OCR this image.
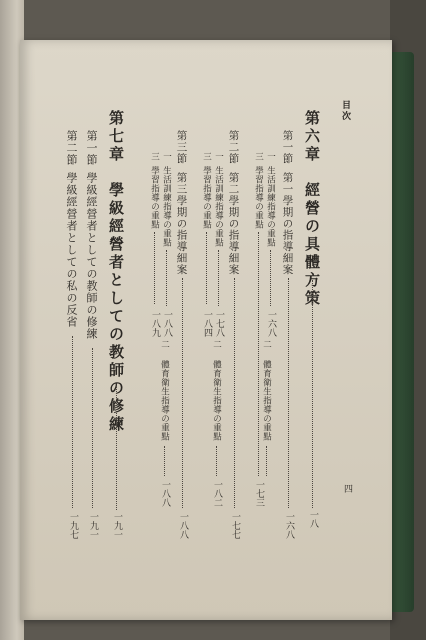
目次
四
第六章　經營の具體方策
一八
第一節
第一學期の指導細案
一六八
一
生活訓練指導の重點
一六八
三
學習指導の重點
一七三
二
體育衛生指導の重點
第二節
第二學期の指導細案
一七七
一
生活訓練指導の重點
一七八
三
學習指導の重點
一八四
二
體育衛生指導の重點
一八二
第三節
第三學期の指導細案
一八八
一
生活訓練指導の重點
一八八
三
學習指導の重點
一八九
二
體育衛生指導の重點
一八八
第七章　學級經營者としての教師の修練
一九一
第一節
學級經營者としての教師の修練
一九一
第二節
學級經營者としての私の反省
一九七
